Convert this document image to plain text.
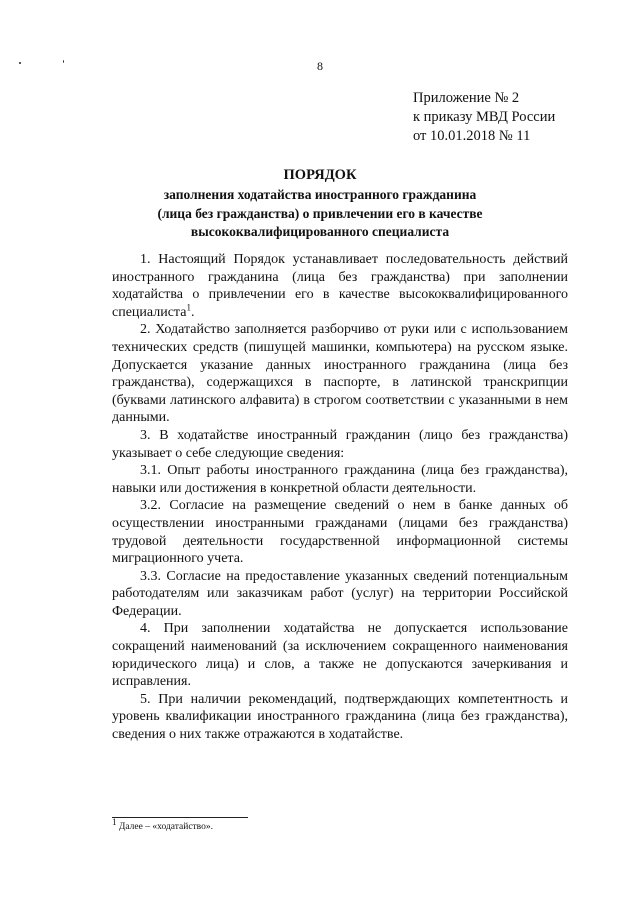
8
Приложение № 2
к приказу МВД России
от 10.01.2018 № 11
ПОРЯДОК
заполнения ходатайства иностранного гражданина
(лица без гражданства) о привлечении его в качестве
высококвалифицированного специалиста

1. Настоящий Порядок устанавливает последовательность действий иностранного гражданина (лица без гражданства) при заполнении ходатайства о привлечении его в качестве высококвалифицированного специалиста$^1$.

2. Ходатайство заполняется разборчиво от руки или с использованием технических средств (пишущей машинки, компьютера) на русском языке. Допускается указание данных иностранного гражданина (лица без гражданства), содержащихся в паспорте, в латинской транскрипции (буквами латинского алфавита) в строгом соответствии с указанными в нем данными.

3. В ходатайстве иностранный гражданин (лицо без гражданства) указывает о себе следующие сведения:

3.1. Опыт работы иностранного гражданина (лица без гражданства), навыки или достижения в конкретной области деятельности.

3.2. Согласие на размещение сведений о нем в банке данных об осуществлении иностранными гражданами (лицами без гражданства) трудовой деятельности государственной информационной системы миграционного учета.

3.3. Согласие на предоставление указанных сведений потенциальным работодателям или заказчикам работ (услуг) на территории Российской Федерации.

4. При заполнении ходатайства не допускается использование сокращений наименований (за исключением сокращенного наименования юридического лица) и слов, а также не допускаются зачеркивания и исправления.

5. При наличии рекомендаций, подтверждающих компетентность и уровень квалификации иностранного гражданина (лица без гражданства), сведения о них также отражаются в ходатайстве.

$^1$ Далее – «ходатайство».
